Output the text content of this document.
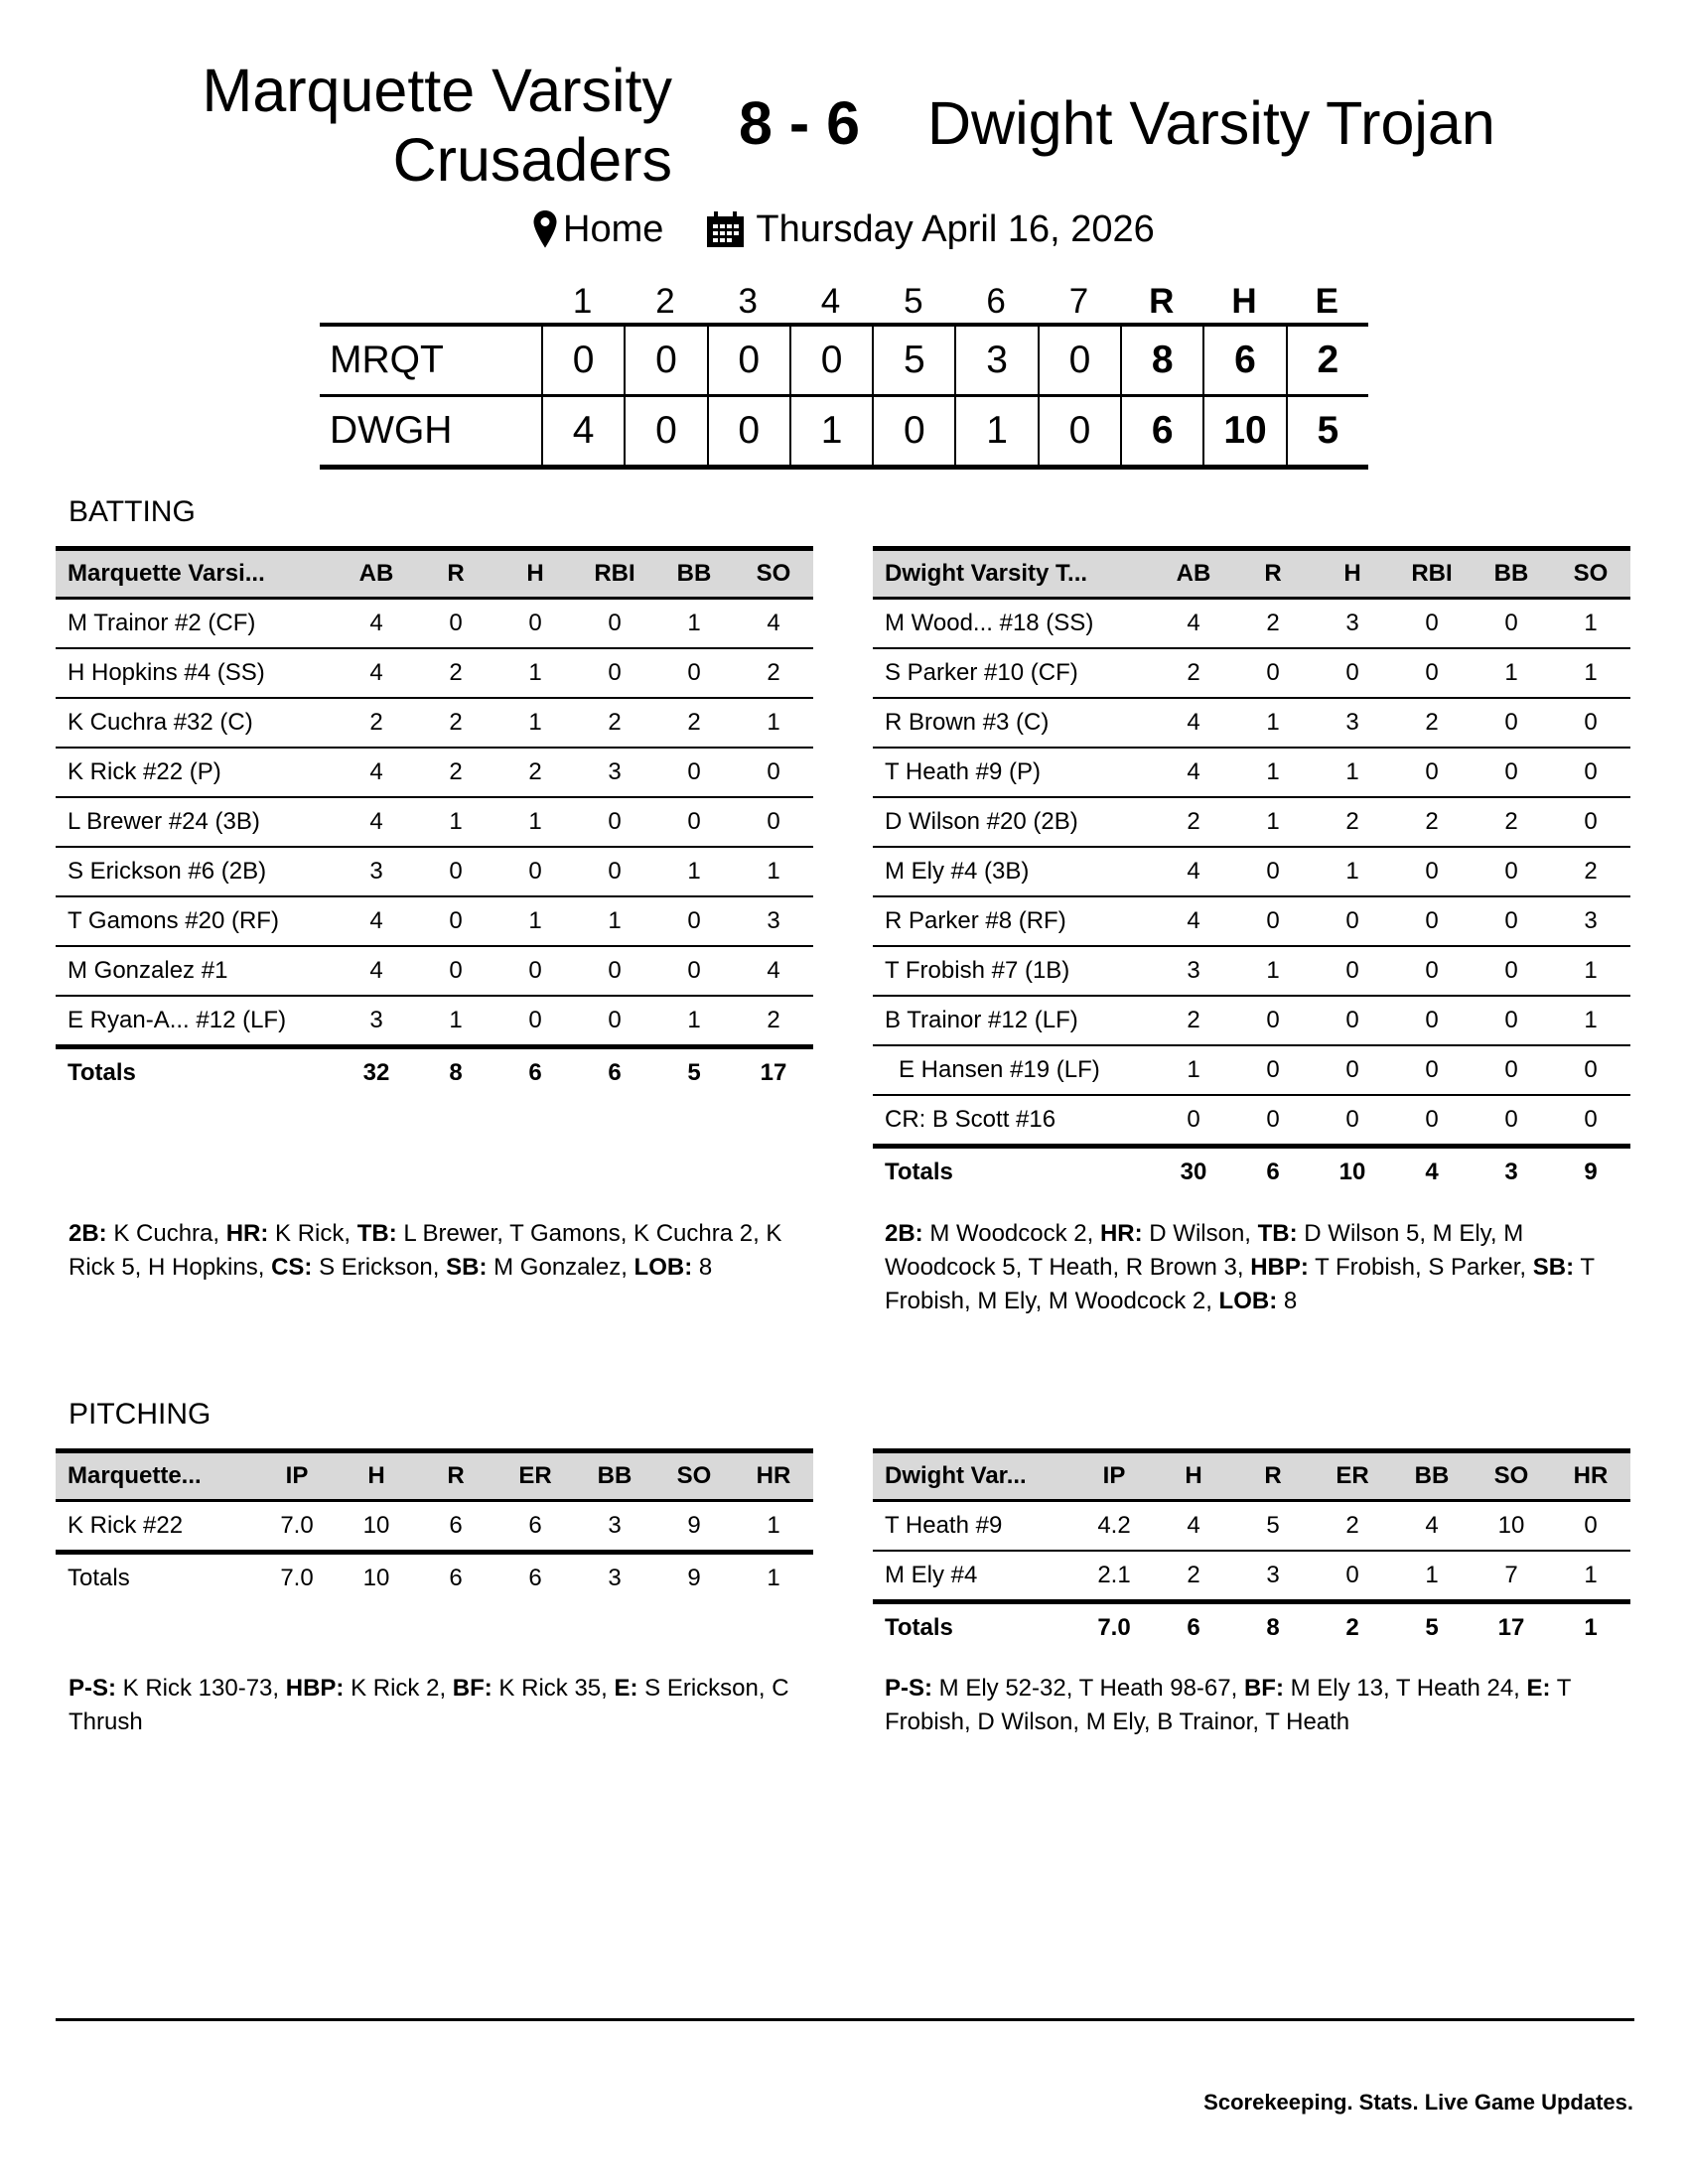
Marquette Varsity
Crusaders
8 - 6 Dwight Varsity Trojan
Home Thursday April 16, 2026
1	2	3	4	5	6	7	R	H	E
MRQT	0	0	0	0	5	3	0	8	6	2
DWGH	4	0	0	1	0	1	0	6	10	5
BATTING
Marquette Varsi...	AB	R	H	RBI	BB	SO
M Trainor #2 (CF)	4	0	0	0	1	4
H Hopkins #4 (SS)	4	2	1	0	0	2
K Cuchra #32 (C)	2	2	1	2	2	1
K Rick #22 (P)	4	2	2	3	0	0
L Brewer #24 (3B)	4	1	1	0	0	0
S Erickson #6 (2B)	3	0	0	0	1	1
T Gamons #20 (RF)	4	0	1	1	0	3
M Gonzalez #1	4	0	0	0	0	4
E Ryan-A... #12 (LF)	3	1	0	0	1	2
Totals	32	8	6	6	5	17
Dwight Varsity T...	AB	R	H	RBI	BB	SO
M Wood... #18 (SS)	4	2	3	0	0	1
S Parker #10 (CF)	2	0	0	0	1	1
R Brown #3 (C)	4	1	3	2	0	0
T Heath #9 (P)	4	1	1	0	0	0
D Wilson #20 (2B)	2	1	2	2	2	0
M Ely #4 (3B)	4	0	1	0	0	2
R Parker #8 (RF)	4	0	0	0	0	3
T Frobish #7 (1B)	3	1	0	0	0	1
B Trainor #12 (LF)	2	0	0	0	0	1
E Hansen #19 (LF)	1	0	0	0	0	0
CR: B Scott #16	0	0	0	0	0	0
Totals	30	6	10	4	3	9
2B: K Cuchra, HR: K Rick, TB: L Brewer, T Gamons, K Cuchra 2, K Rick 5, H Hopkins, CS: S Erickson, SB: M Gonzalez, LOB: 8
2B: M Woodcock 2, HR: D Wilson, TB: D Wilson 5, M Ely, M Woodcock 5, T Heath, R Brown 3, HBP: T Frobish, S Parker, SB: T Frobish, M Ely, M Woodcock 2, LOB: 8
PITCHING
Marquette...	IP	H	R	ER	BB	SO	HR
K Rick #22	7.0	10	6	6	3	9	1
Totals	7.0	10	6	6	3	9	1
Dwight Var...	IP	H	R	ER	BB	SO	HR
T Heath #9	4.2	4	5	2	4	10	0
M Ely #4	2.1	2	3	0	1	7	1
Totals	7.0	6	8	2	5	17	1
P-S: K Rick 130-73, HBP: K Rick 2, BF: K Rick 35, E: S Erickson, C Thrush
P-S: M Ely 52-32, T Heath 98-67, BF: M Ely 13, T Heath 24, E: T Frobish, D Wilson, M Ely, B Trainor, T Heath
Scorekeeping. Stats. Live Game Updates.
